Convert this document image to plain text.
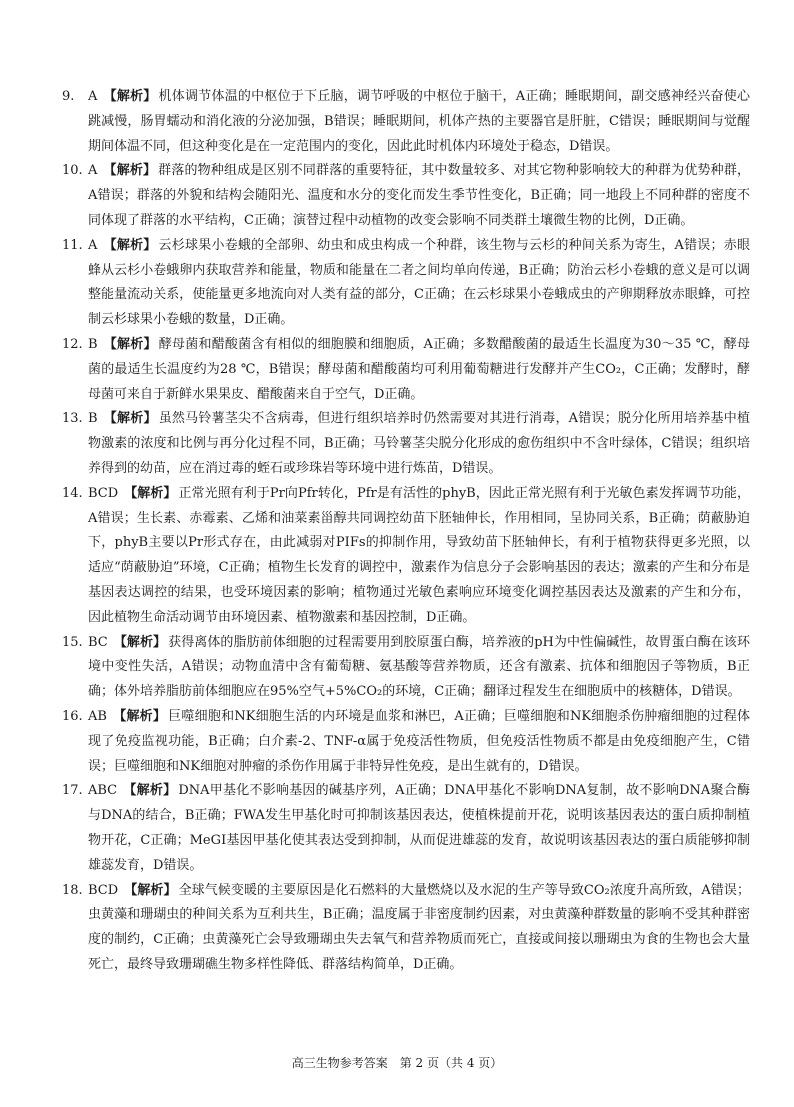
9. A 【解析】 机体调节体温的中枢位于下丘脑，调节呼吸的中枢位于脑干，A正确；睡眠期间，副交感神经兴奋使心跳减慢，肠胃蠕动和消化液的分泌加强，B错误；睡眠期间，机体产热的主要器官是肝脏，C错误；睡眠期间与觉醒期间体温不同，但这种变化是在一定范围内的变化，因此此时机体内环境处于稳态，D错误。

10. A 【解析】 群落的物种组成是区别不同群落的重要特征，其中数量较多、对其它物种影响较大的种群为优势种群，A错误；群落的外貌和结构会随阳光、温度和水分的变化而发生季节性变化，B正确；同一地段上不同种群的密度不同体现了群落的水平结构，C正确；演替过程中动植物的改变会影响不同类群土壤微生物的比例，D正确。

11. A 【解析】 云杉球果小卷蛾的全部卵、幼虫和成虫构成一个种群，该生物与云杉的种间关系为寄生，A错误；赤眼蜂从云杉小卷蛾卵内获取营养和能量，物质和能量在二者之间均单向传递，B正确；防治云杉小卷蛾的意义是可以调整能量流动关系，使能量更多地流向对人类有益的部分，C正确；在云杉球果小卷蛾成虫的产卵期释放赤眼蜂，可控制云杉球果小卷蛾的数量，D正确。

12. B 【解析】 酵母菌和醋酸菌含有相似的细胞膜和细胞质，A正确；多数醋酸菌的最适生长温度为30～35 ℃，酵母菌的最适生长温度约为28 ℃，B错误；酵母菌和醋酸菌均可利用葡萄糖进行发酵并产生CO₂，C正确；发酵时，酵母菌可来自于新鲜水果果皮、醋酸菌来自于空气，D正确。

13. B 【解析】 虽然马铃薯茎尖不含病毒，但进行组织培养时仍然需要对其进行消毒，A错误；脱分化所用培养基中植物激素的浓度和比例与再分化过程不同，B正确；马铃薯茎尖脱分化形成的愈伤组织中不含叶绿体，C错误；组织培养得到的幼苗，应在消过毒的蛭石或珍珠岩等环境中进行炼苗，D错误。

14. BCD 【解析】 正常光照有利于Pr向Pfr转化，Pfr是有活性的phyB，因此正常光照有利于光敏色素发挥调节功能，A错误；生长素、赤霉素、乙烯和油菜素甾醇共同调控幼苗下胚轴伸长，作用相同，呈协同关系，B正确；荫蔽胁迫下，phyB主要以Pr形式存在，由此减弱对PIFs的抑制作用，导致幼苗下胚轴伸长，有利于植物获得更多光照，以适应“荫蔽胁迫”环境，C正确；植物生长发育的调控中，激素作为信息分子会影响基因的表达；激素的产生和分布是基因表达调控的结果，也受环境因素的影响；植物通过光敏色素响应环境变化调控基因表达及激素的产生和分布，因此植物生命活动调节由环境因素、植物激素和基因控制，D正确。

15. BC 【解析】 获得离体的脂肪前体细胞的过程需要用到胶原蛋白酶，培养液的pH为中性偏碱性，故胃蛋白酶在该环境中变性失活，A错误；动物血清中含有葡萄糖、氨基酸等营养物质，还含有激素、抗体和细胞因子等物质，B正确；体外培养脂肪前体细胞应在95%空气+5%CO₂的环境，C正确；翻译过程发生在细胞质中的核糖体，D错误。

16. AB 【解析】 巨噬细胞和NK细胞生活的内环境是血浆和淋巴，A正确；巨噬细胞和NK细胞杀伤肿瘤细胞的过程体现了免疫监视功能，B正确；白介素-2、TNF-α属于免疫活性物质，但免疫活性物质不都是由免疫细胞产生，C错误；巨噬细胞和NK细胞对肿瘤的杀伤作用属于非特异性免疫，是出生就有的，D错误。

17. ABC 【解析】 DNA甲基化不影响基因的碱基序列，A正确；DNA甲基化不影响DNA复制，故不影响DNA聚合酶与DNA的结合，B正确；FWA发生甲基化时可抑制该基因表达，使植株提前开花，说明该基因表达的蛋白质抑制植物开花，C正确；MeGⅠ基因甲基化使其表达受到抑制，从而促进雄蕊的发育，故说明该基因表达的蛋白质能够抑制雄蕊发育，D错误。

18. BCD 【解析】 全球气候变暖的主要原因是化石燃料的大量燃烧以及水泥的生产等导致CO₂浓度升高所致，A错误；虫黄藻和珊瑚虫的种间关系为互利共生，B正确；温度属于非密度制约因素，对虫黄藻种群数量的影响不受其种群密度的制约，C正确；虫黄藻死亡会导致珊瑚虫失去氧气和营养物质而死亡，直接或间接以珊瑚虫为食的生物也会大量死亡，最终导致珊瑚礁生物多样性降低、群落结构简单，D正确。

高三生物参考答案　第 2 页（共 4 页）
